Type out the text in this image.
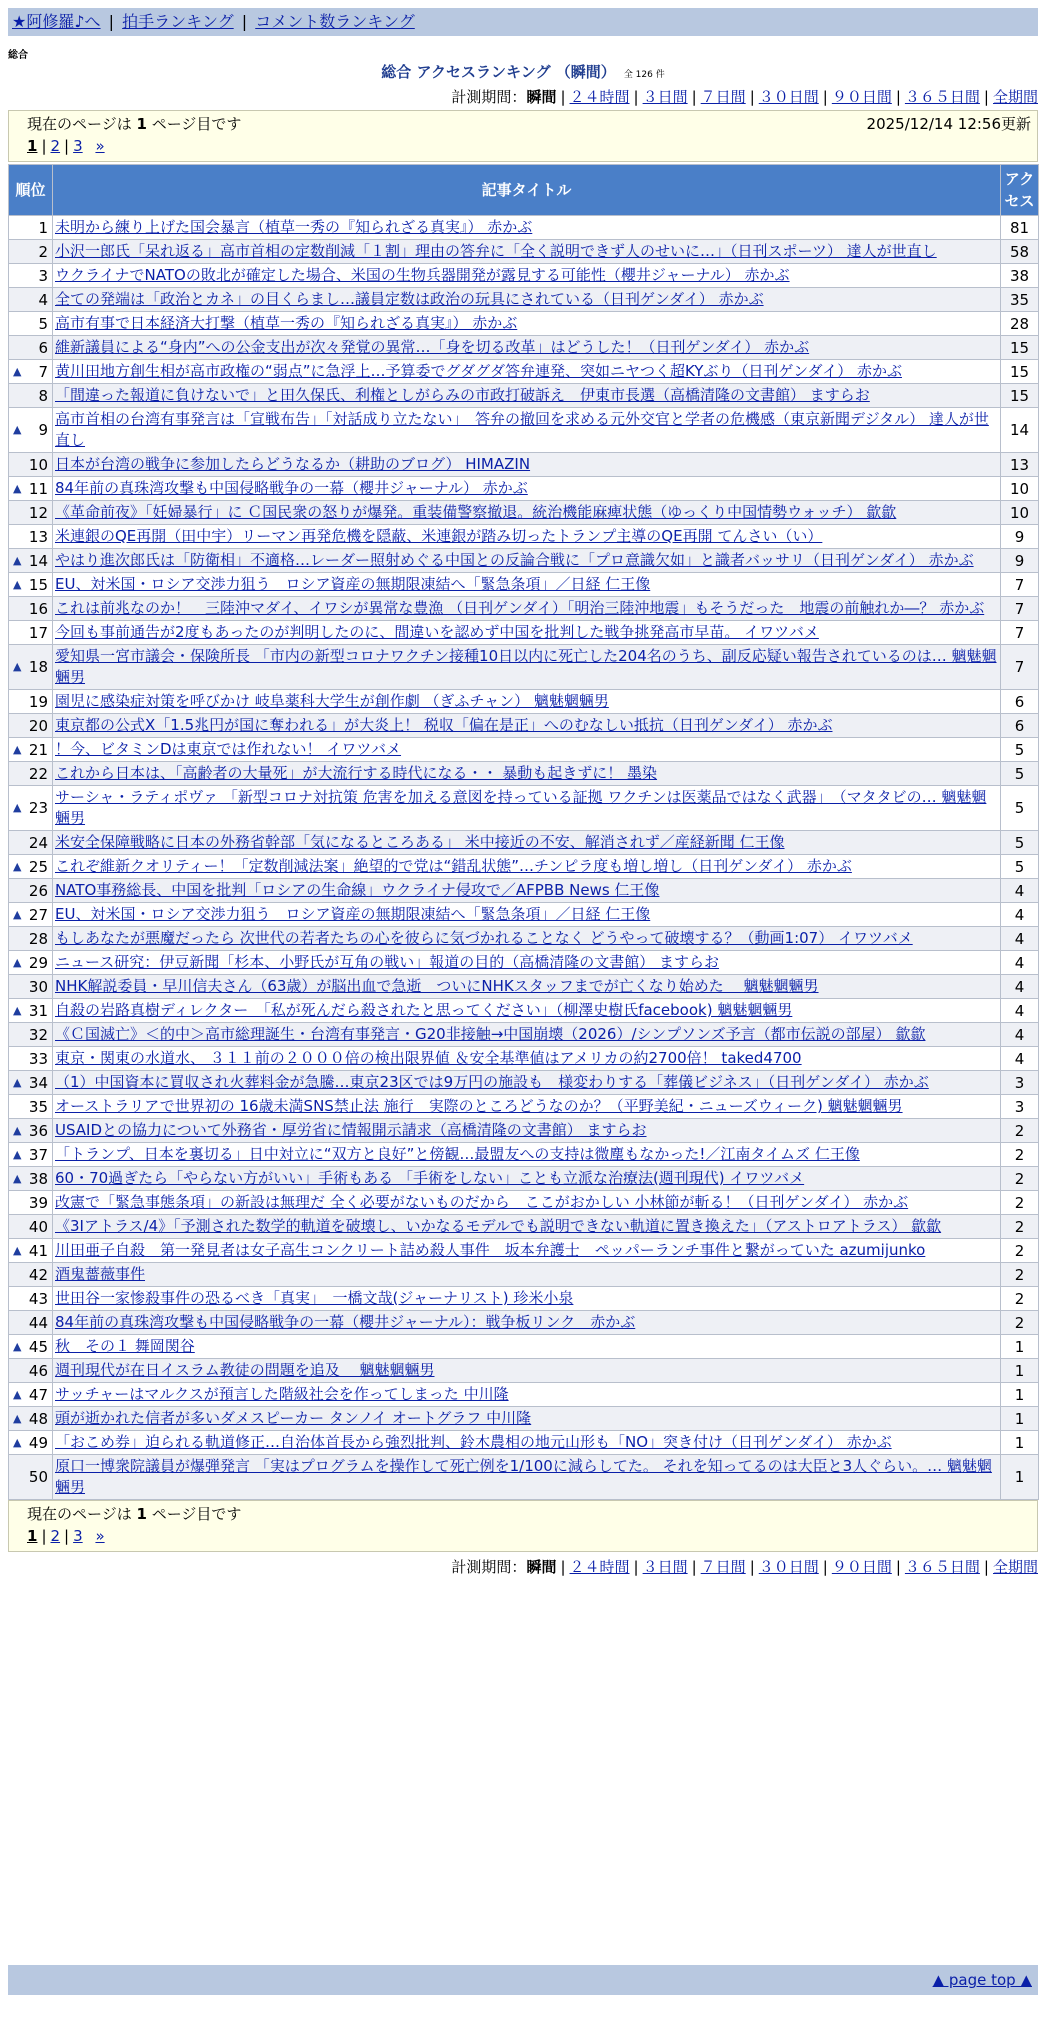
★阿修羅♪へ | 拍手ランキング | コメント数ランキング
総合
総合 アクセスランキング （瞬間） 全 126 件
計測期間：瞬間 | ２４時間 | ３日間 | ７日間 | ３０日間 | ９０日間 | ３６５日間 | 全期間
現在のページは 1 ページ目です	2025/12/14 12:56更新
1 | 2 | 3 »
順位	記事タイトル	アクセス
1	未明から練り上げた国会暴言（植草一秀の『知られざる真実』） 赤かぶ	81
2	小沢一郎氏「呆れ返る」高市首相の定数削減「１割」理由の答弁に「全く説明できず人のせいに…」（日刊スポーツ） 達人が世直し	58
3	ウクライナでNATOの敗北が確定した場合、米国の生物兵器開発が露見する可能性（櫻井ジャーナル） 赤かぶ	38
4	全ての発端は「政治とカネ」の目くらまし…議員定数は政治の玩具にされている（日刊ゲンダイ） 赤かぶ	35
5	高市有事で日本経済大打撃（植草一秀の『知られざる真実』） 赤かぶ	28
6	維新議員による“身内”への公金支出が次々発覚の異常…「身を切る改革」はどうした！（日刊ゲンダイ） 赤かぶ	15

▲ 7	黄川田地方創生相が高市政権の“弱点”に急浮上…予算委でグダグダ答弁連発、突如ニヤつく超KYぶり（日刊ゲンダイ） 赤かぶ	15
8	「間違った報道に負けないで」と田久保氏、利権としがらみの市政打破訴え　伊東市長選（高橋清隆の文書館） ますらお	15

▲ 9	高市首相の台湾有事発言は「宣戦布告」「対話成り立たない」　答弁の撤回を求める元外交官と学者の危機感（東京新聞デジタル） 達人が世直し	14
10	日本が台湾の戦争に参加したらどうなるか（耕助のブログ） HIMAZIN	13

▲ 11	84年前の真珠湾攻撃も中国侵略戦争の一幕（櫻井ジャーナル） 赤かぶ	10
12	《革命前夜》「妊婦暴行」に Ｃ国民衆の怒りが爆発。重装備警察撤退。統治機能麻痺状態（ゆっくり中国情勢ウォッチ） 歙歙	10
13	米連銀のQE再開（田中宇）リーマン再発危機を隠蔽、米連銀が踏み切ったトランプ主導のQE再開 てんさい（い）	9

▲ 14	やはり進次郎氏は「防衛相」不適格…レーダー照射めぐる中国との反論合戦に「プロ意識欠如」と識者バッサリ（日刊ゲンダイ） 赤かぶ	9

▲ 15	EU、対米国・ロシア交渉力狙う　ロシア資産の無期限凍結へ「緊急条項」／日経 仁王像	7
16	これは前兆なのか！　三陸沖マダイ、イワシが異常な豊漁 （日刊ゲンダイ）「明治三陸沖地震」もそうだった　地震の前触れか―？ 赤かぶ	7
17	今回も事前通告が2度もあったのが判明したのに、間違いを認めず中国を批判した戦争挑発高市早苗。 イワツバメ	7

▲ 18	愛知県一宮市議会・保険所長 「市内の新型コロナワクチン接種10日以内に死亡した204名のうち、副反応疑い報告されているのは… 魑魅魍魎男	7
19	園児に感染症対策を呼びかけ 岐阜薬科大学生が創作劇 （ぎふチャン） 魑魅魍魎男	6
20	東京都の公式X「1.5兆円が国に奪われる」が大炎上！ 税収「偏在是正」へのむなしい抵抗（日刊ゲンダイ） 赤かぶ	6

▲ 21	！今、ビタミンDは東京では作れない！ イワツバメ	5
22	これから日本は、「高齢者の大量死」が大流行する時代になる・・ 暴動も起きずに！ 墨染	5

▲ 23	サーシャ・ラティポヴァ 「新型コロナ対抗策 危害を加える意図を持っている証拠 ワクチンは医薬品ではなく武器」　（マタタビの… 魑魅魍魎男	5
24	米安全保障戦略に日本の外務省幹部「気になるところある」 米中接近の不安、解消されず／産経新聞 仁王像	5

▲ 25	これぞ維新クオリティー！「定数削減法案」絶望的で党は“錯乱状態”…チンピラ度も増し増し（日刊ゲンダイ） 赤かぶ	5
26	NATO事務総長、中国を批判「ロシアの生命線」ウクライナ侵攻で／AFPBB News 仁王像	4

▲ 27	EU、対米国・ロシア交渉力狙う　ロシア資産の無期限凍結へ「緊急条項」／日経 仁王像	4
28	もしあなたが悪魔だったら 次世代の若者たちの心を彼らに気づかれることなく どうやって破壊する？（動画1:07） イワツバメ	4

▲ 29	ニュース研究：伊豆新聞「杉本、小野氏が互角の戦い」報道の目的（高橋清隆の文書館） ますらお	4
30	NHK解説委員・早川信夫さん（63歳）が脳出血で急逝　ついにNHKスタッフまでが亡くなり始めた　 魑魅魍魎男	4

▲ 31	自殺の岩路真樹ディレクター　「私が死んだら殺されたと思ってください」（柳澤史樹氏facebook) 魑魅魍魎男	4
32	《Ｃ国滅亡》＜的中＞高市総理誕生・台湾有事発言・G20非接触→中国崩壊（2026）/シンプソンズ予言（都市伝説の部屋） 歙歙	4
33	東京・関東の水道水、 ３１１前の２０００倍の検出限界値 ＆安全基準値はアメリカの約2700倍！ taked4700	4

▲ 34	（1）中国資本に買収され火葬料金が急騰…東京23区では9万円の施設も　様変わりする「葬儀ビジネス」（日刊ゲンダイ） 赤かぶ	3
35	オーストラリアで世界初の 16歳未満SNS禁止法 施行　実際のところどうなのか？（平野美紀・ニューズウィーク) 魑魅魍魎男	3

▲ 36	USAIDとの協力について外務省・厚労省に情報開示請求（高橋清隆の文書館） ますらお	2

▲ 37	「トランプ、日本を裏切る」日中対立に“双方と良好”と傍観…最盟友への支持は微塵もなかった!／江南タイムズ 仁王像	2

▲ 38	60・70過ぎたら「やらない方がいい」手術もある 「手術をしない」ことも立派な治療法(週刊現代) イワツバメ	2
39	改憲で「緊急事態条項」の新設は無理だ 全く必要がないものだから　ここがおかしい 小林節が斬る！（日刊ゲンダイ） 赤かぶ	2
40	《3Iアトラス/4》「予測された数学的軌道を破壊し、いかなるモデルでも説明できない軌道に置き換えた」（アストロアトラス） 歙歙	2

▲ 41	川田亜子自殺　第一発見者は女子高生コンクリート詰め殺人事件　坂本弁護士　ペッパーランチ事件と繋がっていた azumijunko	2
42	酒鬼薔薇事件	2
43	世田谷一家惨殺事件の恐るべき「真実」　一橋文哉(ジャーナリスト) 珍米小泉	2
44	84年前の真珠湾攻撃も中国侵略戦争の一幕（櫻井ジャーナル）：戦争板リンク　赤かぶ	2

▲ 45	秋　その１ 舞岡関谷	1
46	週刊現代が在日イスラム教徒の問題を追及　 魑魅魍魎男	1

▲ 47	サッチャーはマルクスが預言した階級社会を作ってしまった 中川隆	1

▲ 48	頭が逝かれた信者が多いダメスピーカー タンノイ オートグラフ 中川隆	1

▲ 49	「おこめ券」迫られる軌道修正…自治体首長から強烈批判、鈴木農相の地元山形も「NO」突き付け（日刊ゲンダイ） 赤かぶ	1
50	原口一博衆院議員が爆弾発言 「実はプログラムを操作して死亡例を1/100に減らしてた。 それを知ってるのは大臣と3人ぐらい。… 魑魅魍魎男	1
現在のページは 1 ページ目です
1 | 2 | 3 »
計測期間：瞬間 | ２４時間 | ３日間 | ７日間 | ３０日間 | ９０日間 | ３６５日間 | 全期間
▲ page top ▲
